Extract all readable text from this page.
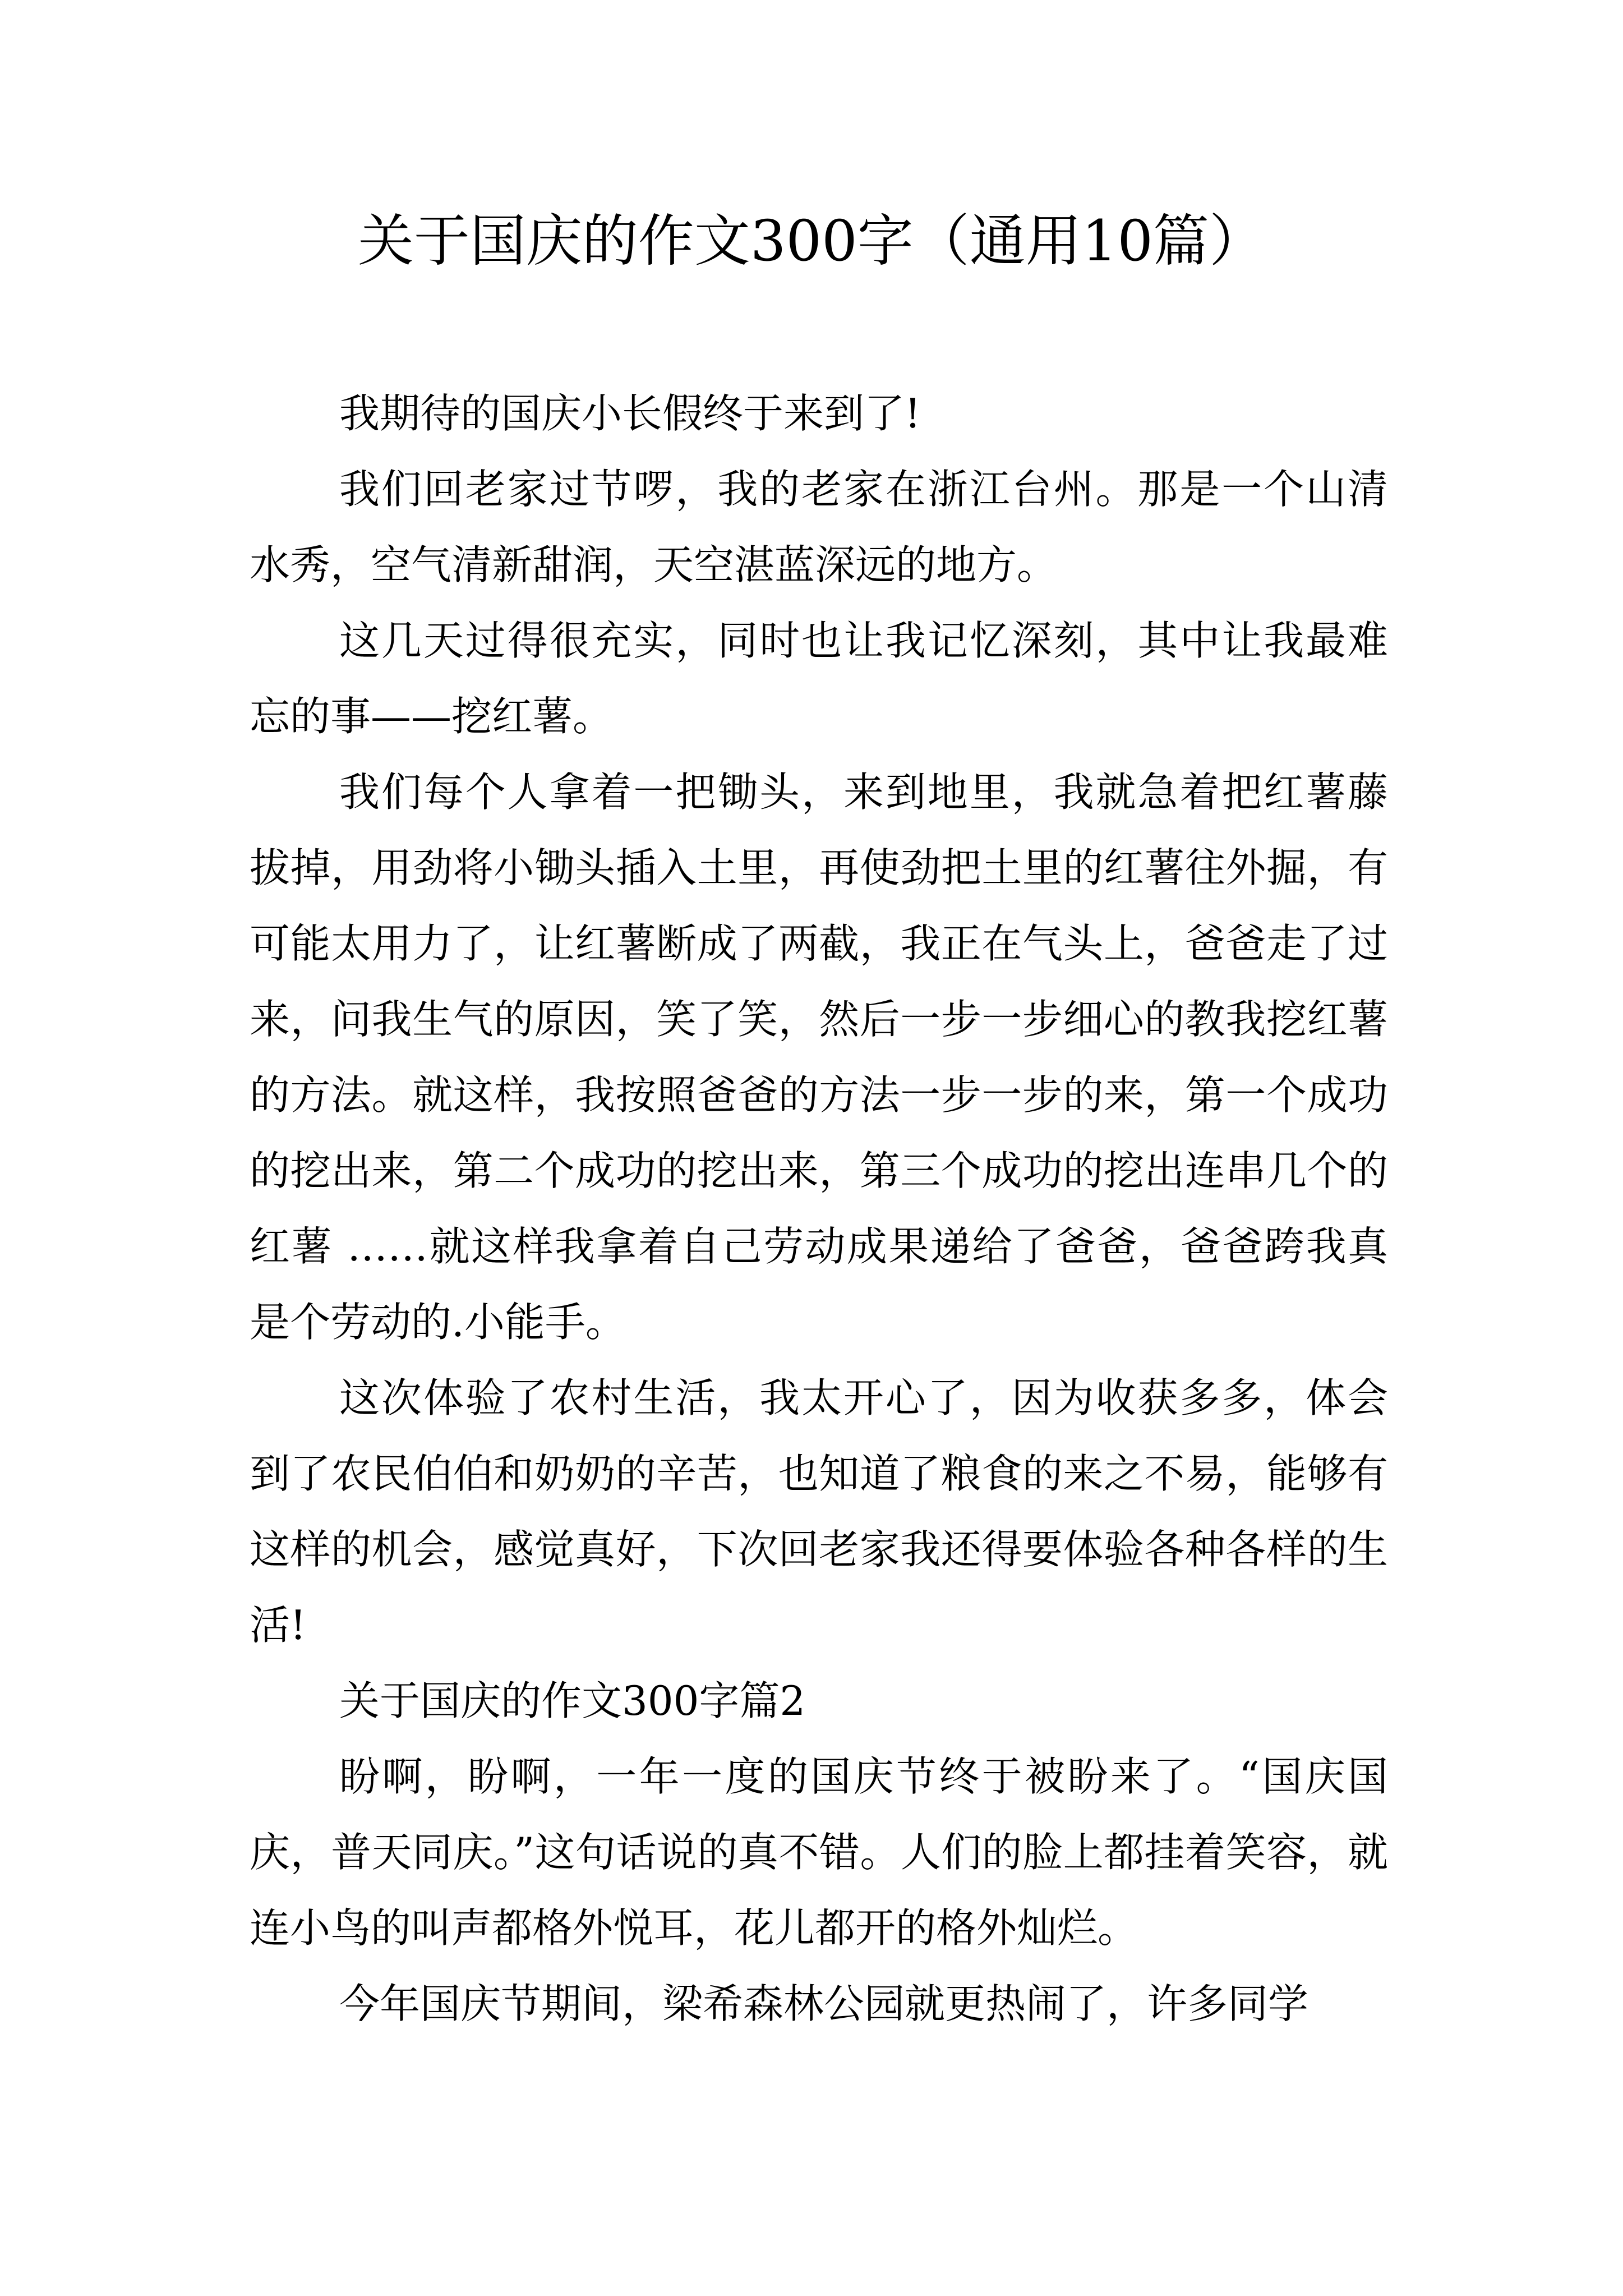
关于国庆的作文300字（通用10篇）

我期待的国庆小长假终于来到了!

我们回老家过节啰，我的老家在浙江台州。那是一个山清水秀，空气清新甜润，天空湛蓝深远的地方。

这几天过得很充实，同时也让我记忆深刻，其中让我最难忘的事——挖红薯。

我们每个人拿着一把锄头，来到地里，我就急着把红薯藤拔掉，用劲将小锄头插入土里，再使劲把土里的红薯往外掘，有可能太用力了，让红薯断成了两截，我正在气头上，爸爸走了过来，问我生气的原因，笑了笑，然后一步一步细心的教我挖红薯的方法。就这样，我按照爸爸的方法一步一步的来，第一个成功的挖出来，第二个成功的挖出来，第三个成功的挖出连串几个的红薯 ……就这样我拿着自己劳动成果递给了爸爸，爸爸跨我真是个劳动的.小能手。

这次体验了农村生活，我太开心了，因为收获多多，体会到了农民伯伯和奶奶的辛苦，也知道了粮食的来之不易，能够有这样的机会，感觉真好，下次回老家我还得要体验各种各样的生活!

关于国庆的作文300字篇2

盼啊，盼啊，一年一度的国庆节终于被盼来了。“国庆国庆，普天同庆。”这句话说的真不错。人们的脸上都挂着笑容，就连小鸟的叫声都格外悦耳，花儿都开的格外灿烂。

今年国庆节期间，梁希森林公园就更热闹了，许多同学
